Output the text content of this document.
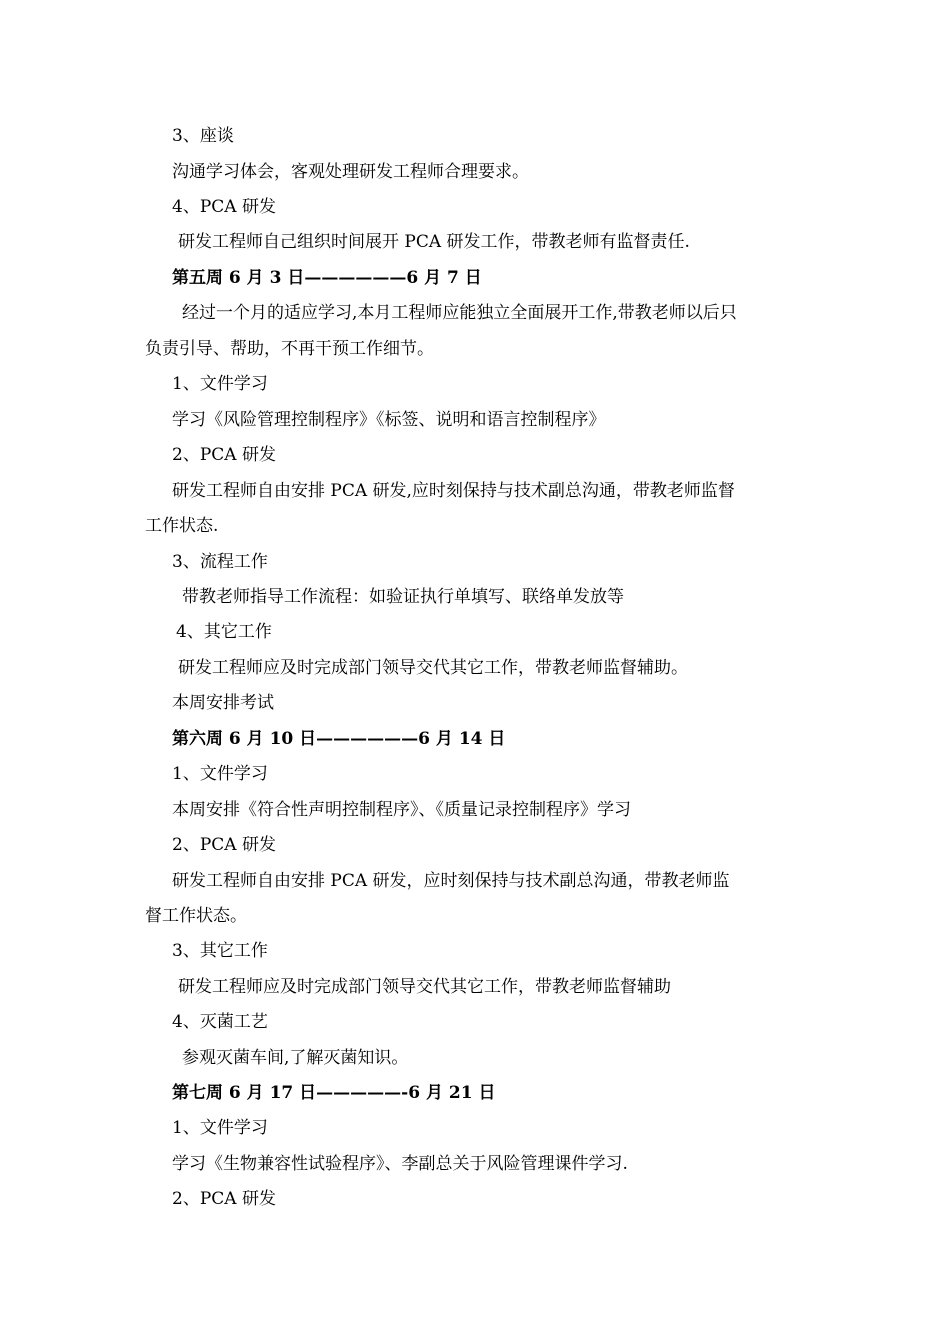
3、座谈
沟通学习体会，客观处理研发工程师合理要求。
4、PCA 研发
研发工程师自己组织时间展开 PCA 研发工作，带教老师有监督责任.
第五周 6 月 3 日——————6 月 7 日
经过一个月的适应学习,本月工程师应能独立全面展开工作,带教老师以后只
负责引导、帮助，不再干预工作细节。
1、文件学习
学习《风险管理控制程序》《标签、说明和语言控制程序》
2、PCA 研发
研发工程师自由安排 PCA 研发,应时刻保持与技术副总沟通，带教老师监督
工作状态.
3、流程工作
带教老师指导工作流程：如验证执行单填写、联络单发放等
4、其它工作
研发工程师应及时完成部门领导交代其它工作，带教老师监督辅助。
本周安排考试
第六周 6 月 10 日——————6 月 14 日
1、文件学习
本周安排《符合性声明控制程序》、《质量记录控制程序》学习
2、PCA 研发
研发工程师自由安排 PCA 研发，应时刻保持与技术副总沟通，带教老师监
督工作状态。
3、其它工作
研发工程师应及时完成部门领导交代其它工作，带教老师监督辅助
4、灭菌工艺
参观灭菌车间,了解灭菌知识。
第七周 6 月 17 日—————-6 月 21 日
1、文件学习
学习《生物兼容性试验程序》、李副总关于风险管理课件学习.
2、PCA 研发
